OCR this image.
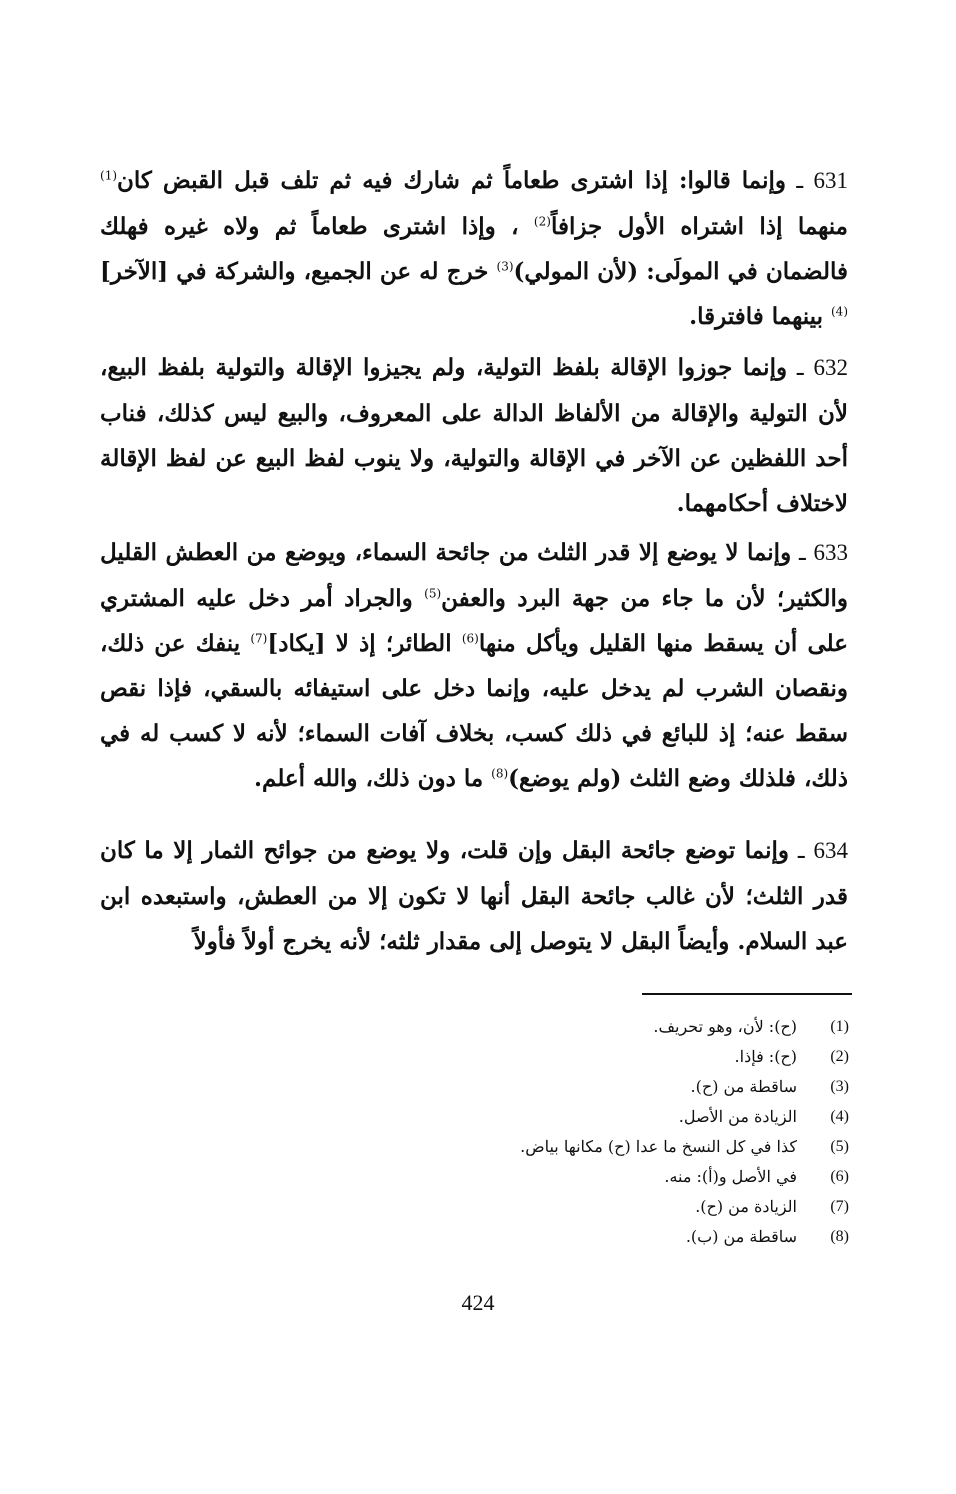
631 ـ وإنما قالوا: إذا اشترى طعاماً ثم شارك فيه ثم تلف قبل القبض كان$^{(1)}$ منهما إذا اشتراه الأول جزافاً$^{(2)}$ ، وإذا اشترى طعاماً ثم ولاه غيره فهلك فالضمان في المولَى: (لأن المولي)$^{(3)}$ خرج له عن الجميع، والشركة في [الآخر]$^{(4)}$ بينهما فافترقا.

632 ـ وإنما جوزوا الإقالة بلفظ التولية، ولم يجيزوا الإقالة والتولية بلفظ البيع، لأن التولية والإقالة من الألفاظ الدالة على المعروف، والبيع ليس كذلك، فناب أحد اللفظين عن الآخر في الإقالة والتولية، ولا ينوب لفظ البيع عن لفظ الإقالة لاختلاف أحكامهما.

633 ـ وإنما لا يوضع إلا قدر الثلث من جائحة السماء، ويوضع من العطش القليل والكثير؛ لأن ما جاء من جهة البرد والعفن$^{(5)}$ والجراد أمر دخل عليه المشتري على أن يسقط منها القليل ويأكل منها$^{(6)}$ الطائر؛ إذ لا [يكاد]$^{(7)}$ ينفك عن ذلك، ونقصان الشرب لم يدخل عليه، وإنما دخل على استيفائه بالسقي، فإذا نقص سقط عنه؛ إذ للبائع في ذلك كسب، بخلاف آفات السماء؛ لأنه لا كسب له في ذلك، فلذلك وضع الثلث (ولم يوضع)$^{(8)}$ ما دون ذلك، والله أعلم.

634 ـ وإنما توضع جائحة البقل وإن قلت، ولا يوضع من جوائح الثمار إلا ما كان قدر الثلث؛ لأن غالب جائحة البقل أنها لا تكون إلا من العطش، واستبعده ابن عبد السلام. وأيضاً البقل لا يتوصل إلى مقدار ثلثه؛ لأنه يخرج أولاً فأولاً

(1)
(ح): لأن، وهو تحريف.
(2)
(ح): فإذا.
(3)
ساقطة من (ح).
(4)
الزيادة من الأصل.
(5)
كذا في كل النسخ ما عدا (ح) مكانها بياض.
(6)
في الأصل و(أ): منه.
(7)
الزيادة من (ح).
(8)
ساقطة من (ب).
424
